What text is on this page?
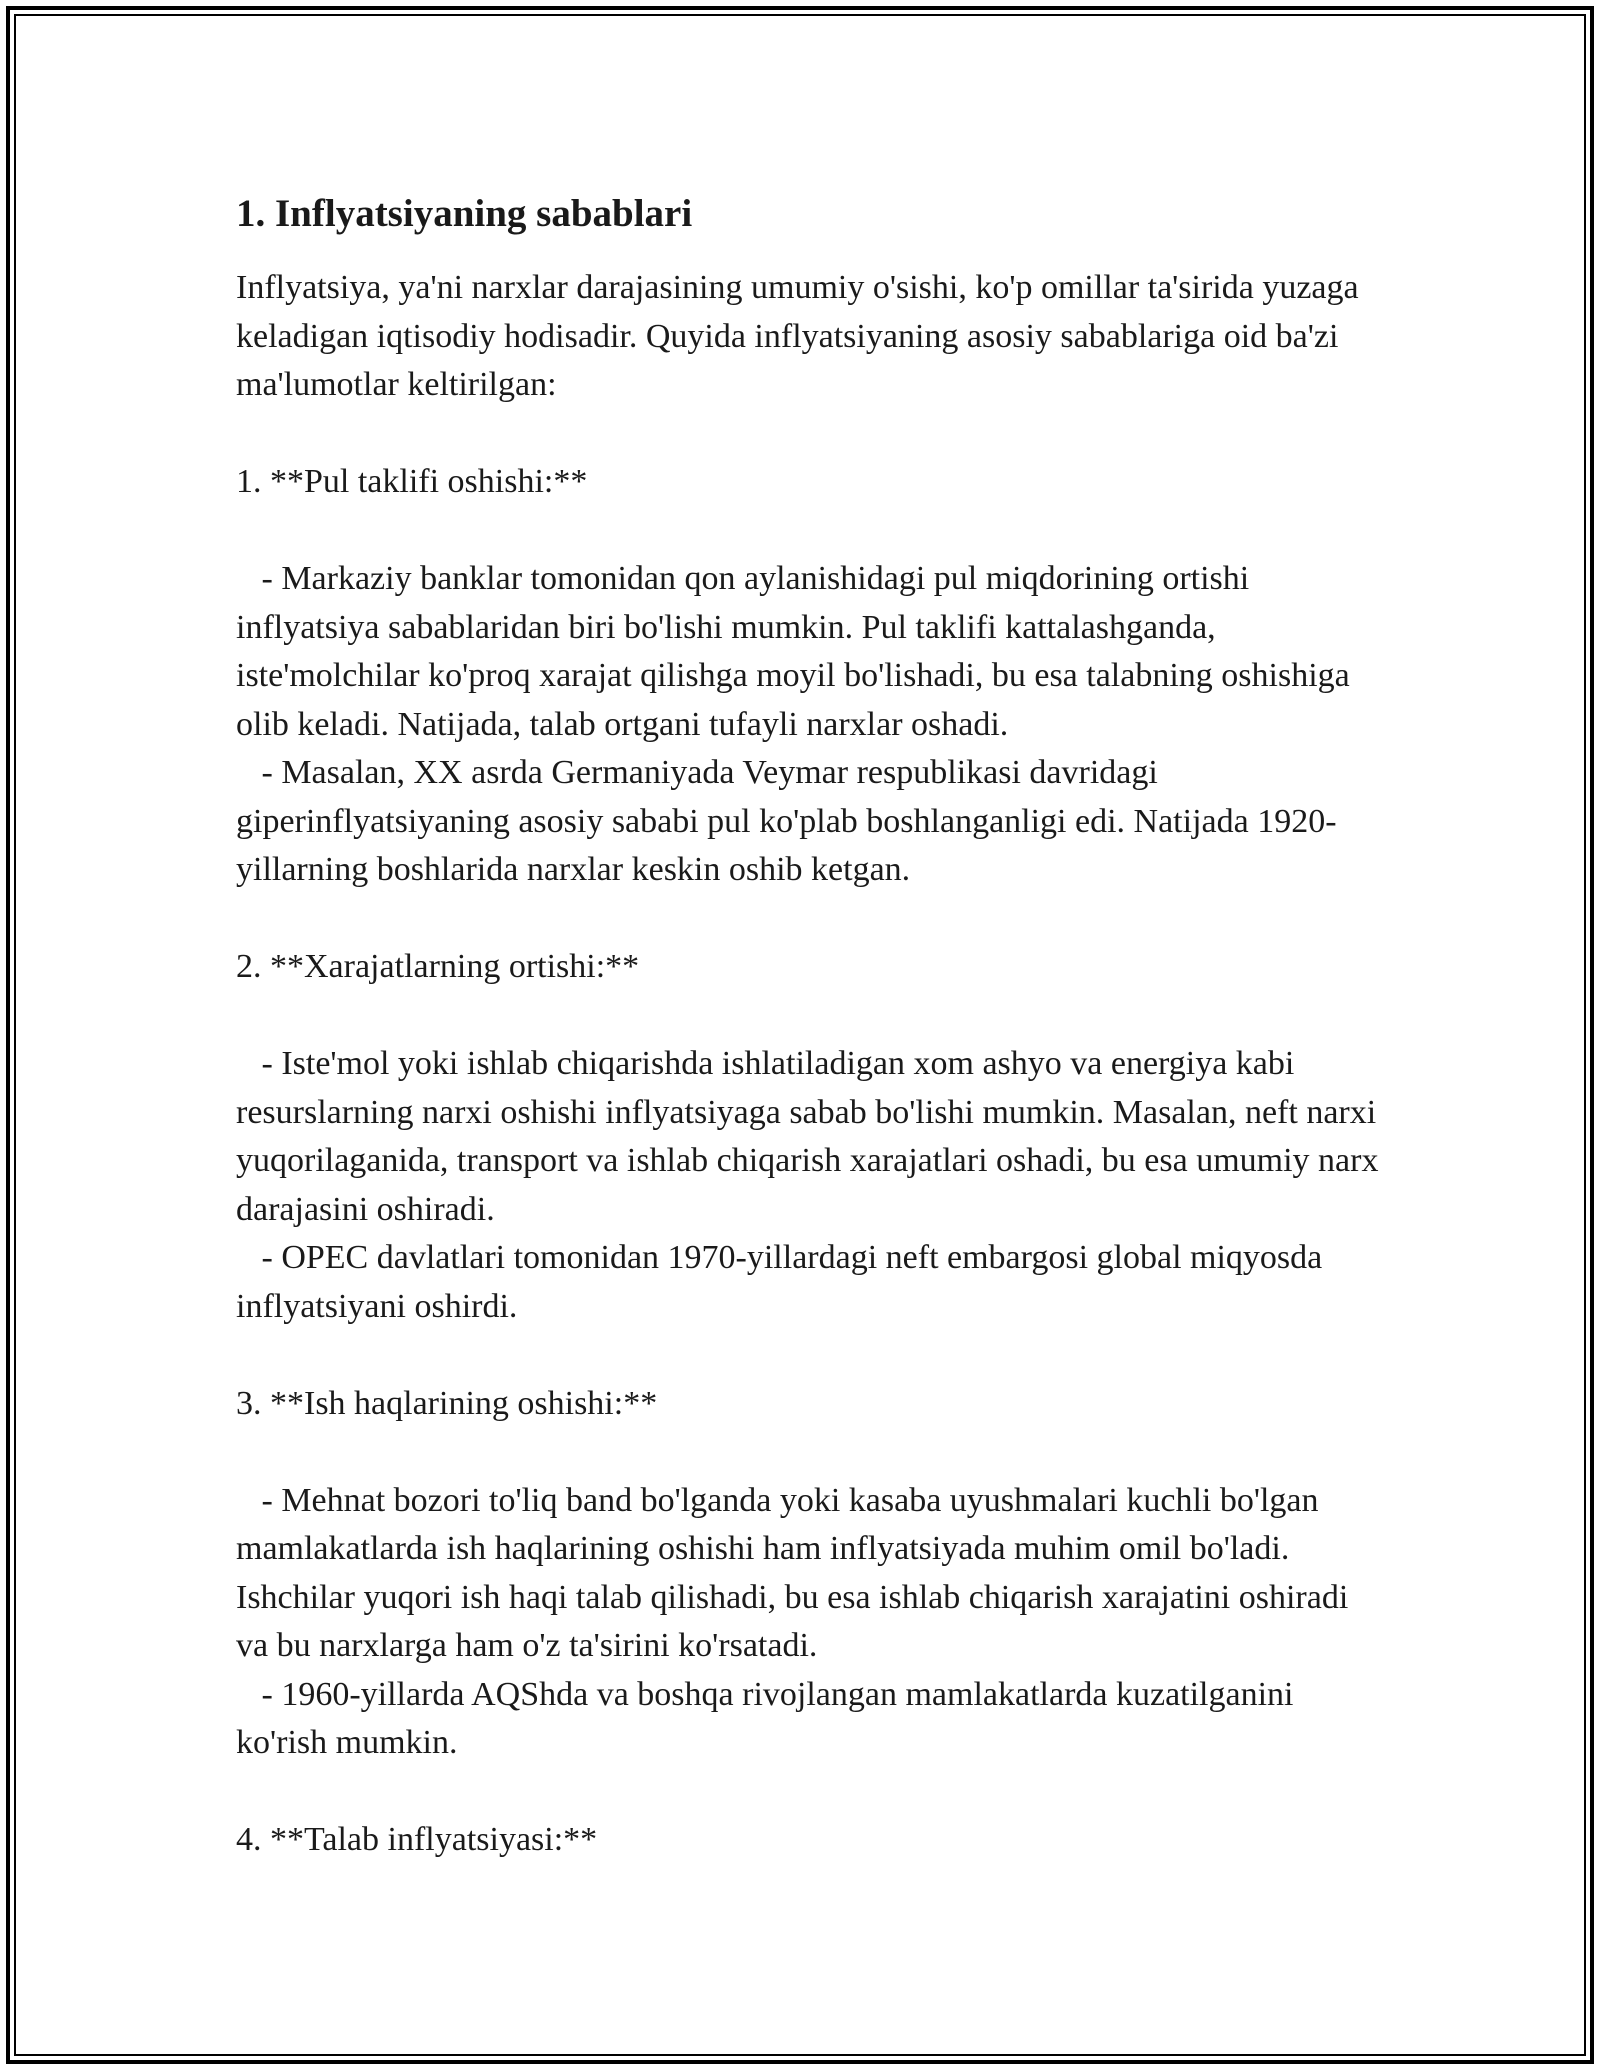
1. Inflyatsiyaning sabablari

Inflyatsiya, ya'ni narxlar darajasining umumiy o'sishi, ko'p omillar ta'sirida yuzaga keladigan iqtisodiy hodisadir. Quyida inflyatsiyaning asosiy sabablariga oid ba'zi ma'lumotlar keltirilgan:

1. **Pul taklifi oshishi:**

- Markaziy banklar tomonidan qon aylanishidagi pul miqdorining ortishi inflyatsiya sabablaridan biri bo'lishi mumkin. Pul taklifi kattalashganda, iste'molchilar ko'proq xarajat qilishga moyil bo'lishadi, bu esa talabning oshishiga olib keladi. Natijada, talab ortgani tufayli narxlar oshadi.

- Masalan, XX asrda Germaniyada Veymar respublikasi davridagi giperinflyatsiyaning asosiy sababi pul ko'plab boshlanganligi edi. Natijada 1920-yillarning boshlarida narxlar keskin oshib ketgan.

2. **Xarajatlarning ortishi:**

- Iste'mol yoki ishlab chiqarishda ishlatiladigan xom ashyo va energiya kabi resurslarning narxi oshishi inflyatsiyaga sabab bo'lishi mumkin. Masalan, neft narxi yuqorilaganida, transport va ishlab chiqarish xarajatlari oshadi, bu esa umumiy narx darajasini oshiradi.

- OPEC davlatlari tomonidan 1970-yillardagi neft embargosi global miqyosda inflyatsiyani oshirdi.

3. **Ish haqlarining oshishi:**

- Mehnat bozori to'liq band bo'lganda yoki kasaba uyushmalari kuchli bo'lgan mamlakatlarda ish haqlarining oshishi ham inflyatsiyada muhim omil bo'ladi. Ishchilar yuqori ish haqi talab qilishadi, bu esa ishlab chiqarish xarajatini oshiradi va bu narxlarga ham o'z ta'sirini ko'rsatadi.

- 1960-yillarda AQShda va boshqa rivojlangan mamlakatlarda kuzatilganini ko'rish mumkin.

4. **Talab inflyatsiyasi:**
